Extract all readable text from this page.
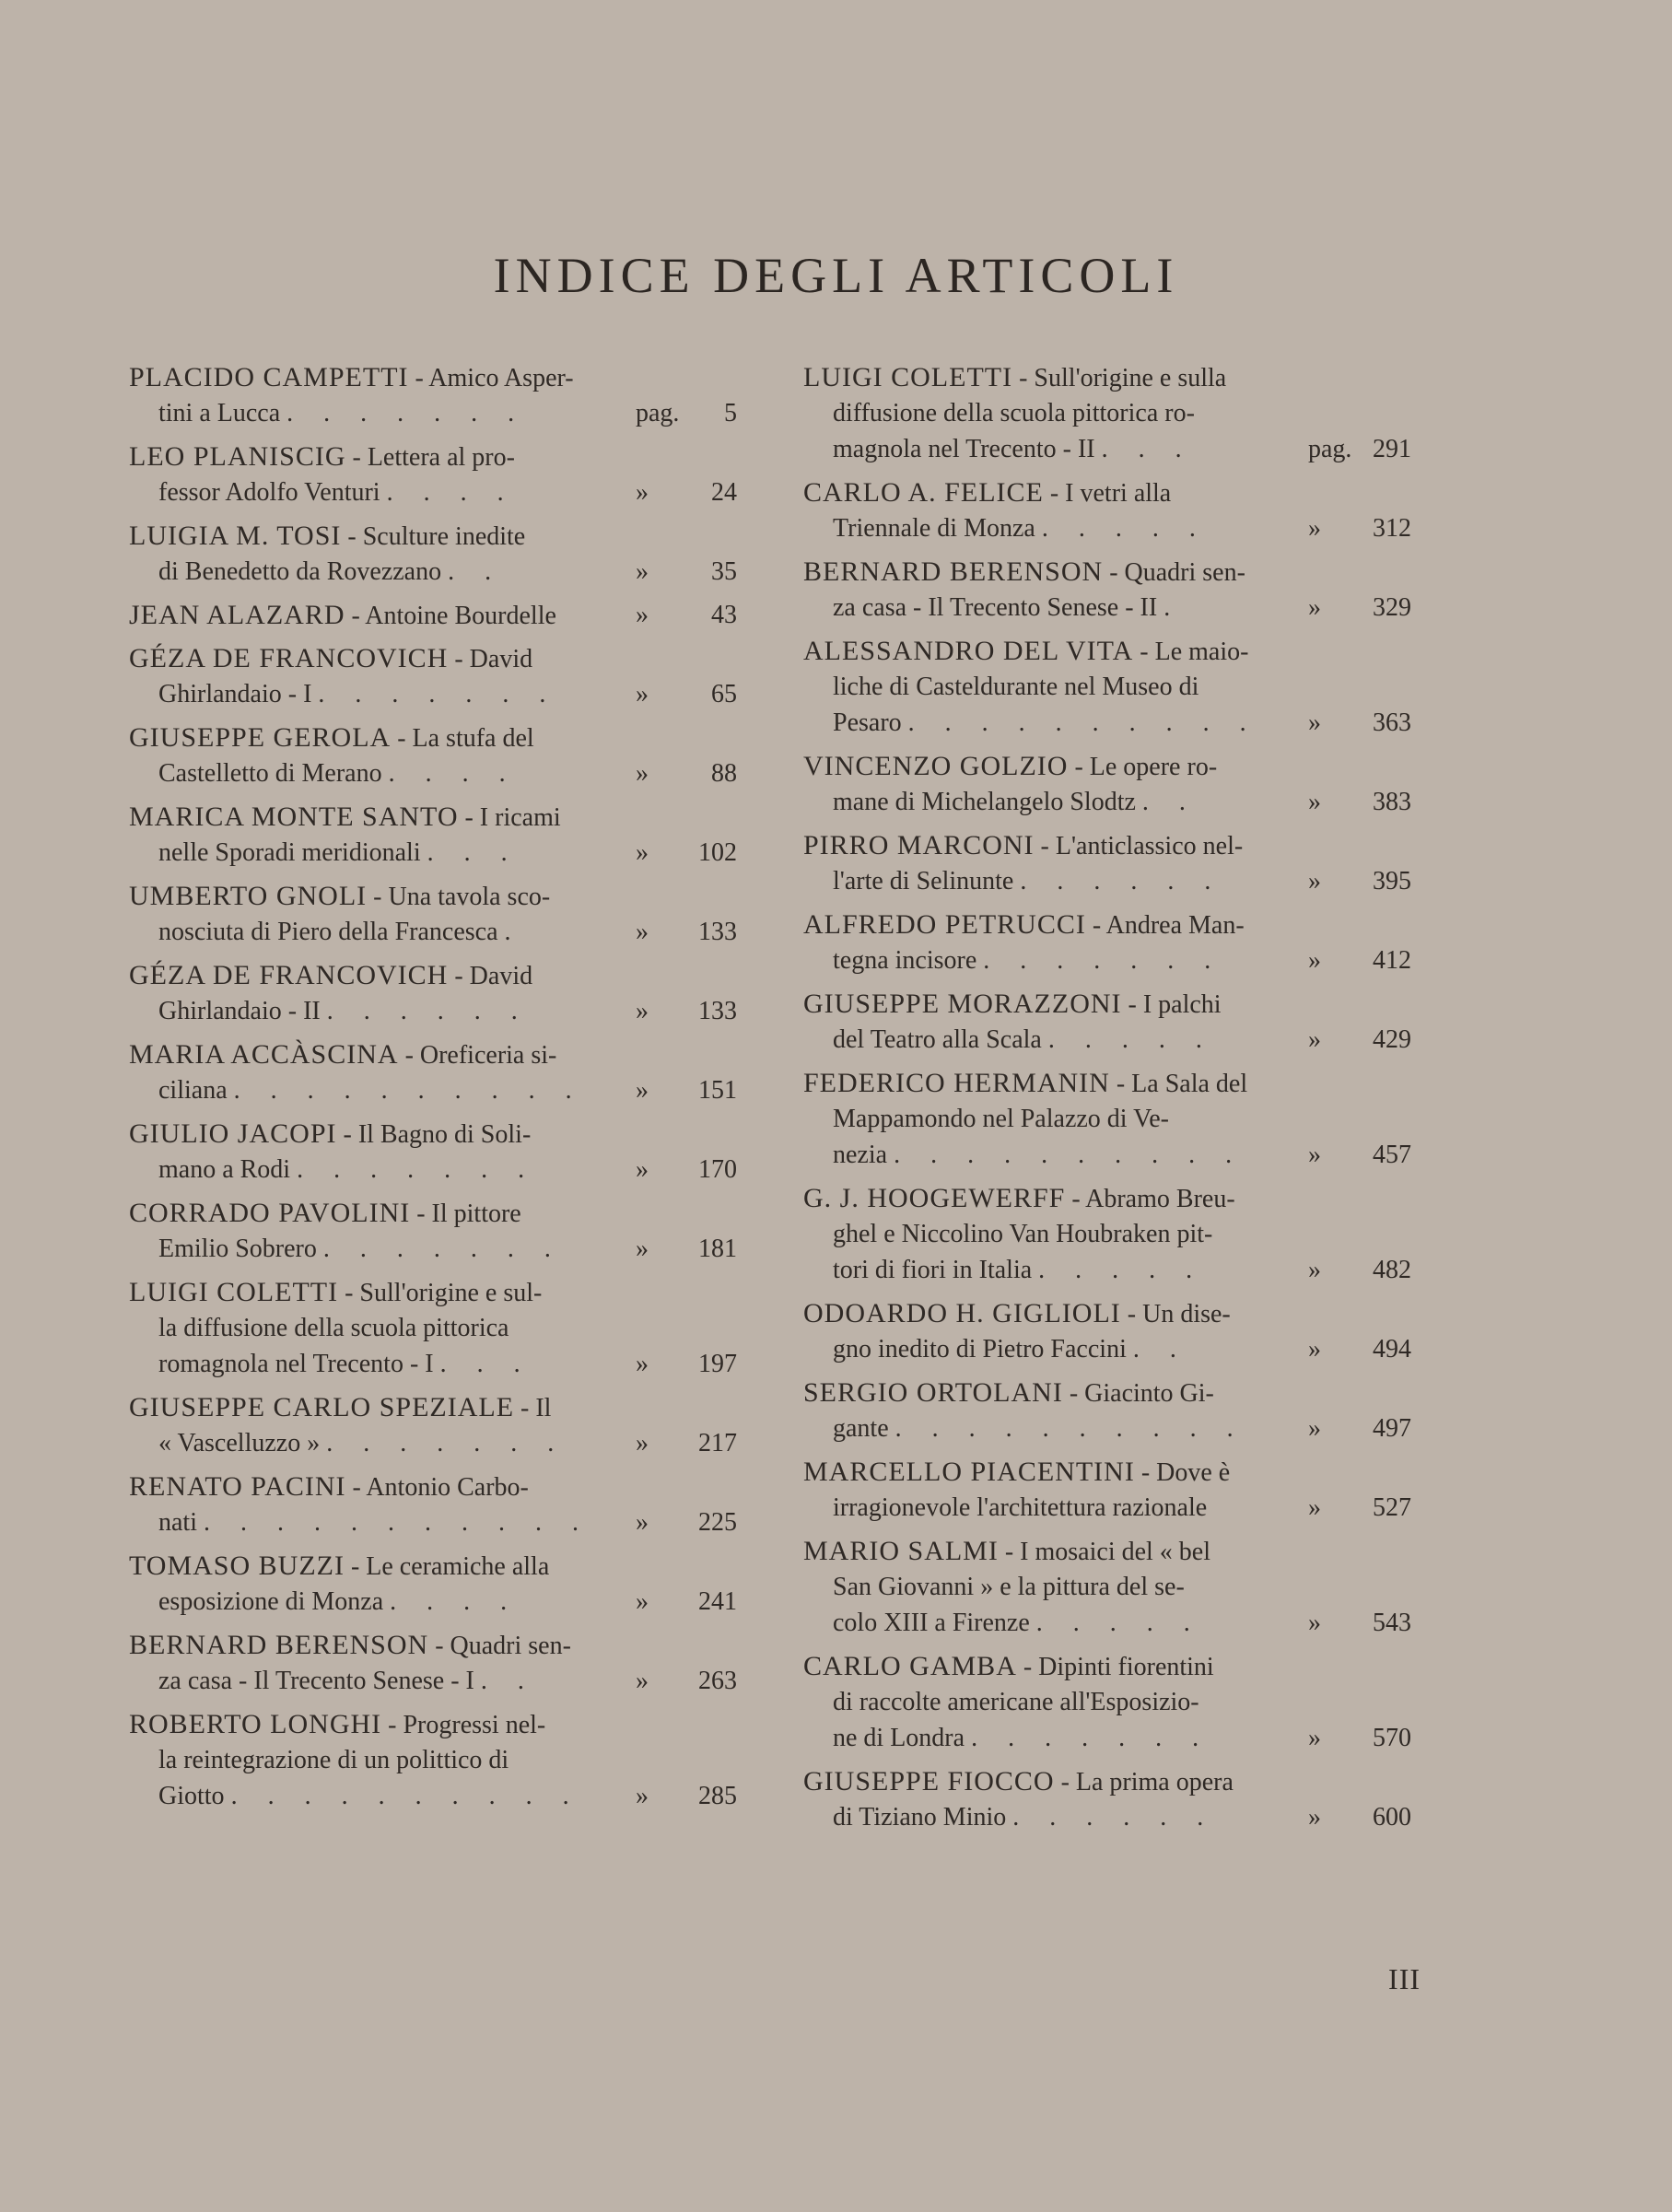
INDICE DEGLI ARTICOLI
PLACIDO CAMPETTI - Amico Asper-
tini a Lucca . . . . . . .	pag.	5
LEO PLANISCIG - Lettera al pro-
fessor Adolfo Venturi . . . .	»	24
LUIGIA M. TOSI - Sculture inedite
di Benedetto da Rovezzano . .	»	35
JEAN ALAZARD - Antoine Bourdelle	»	43
GÉZA DE FRANCOVICH - David
Ghirlandaio - I . . . . . . .	»	65
GIUSEPPE GEROLA - La stufa del
Castelletto di Merano . . . .	»	88
MARICA MONTE SANTO - I ricami
nelle Sporadi meridionali . . .	»	102
UMBERTO GNOLI - Una tavola sco-
nosciuta di Piero della Francesca .	»	133
GÉZA DE FRANCOVICH - David
Ghirlandaio - II . . . . . .	»	133
MARIA ACCÀSCINA - Oreficeria si-
ciliana . . . . . . . . . . »	151
GIULIO JACOPI - Il Bagno di Soli-
mano a Rodi . . . . . . .	»	170
CORRADO PAVOLINI - Il pittore
Emilio Sobrero . . . . . . .	»	181
LUIGI COLETTI - Sull'origine e sul-
la diffusione della scuola pittorica
romagnola nel Trecento - I . . .	»	197
GIUSEPPE CARLO SPEZIALE - Il
« Vascelluzzo » . . . . . . .	»	217
RENATO PACINI - Antonio Carbo-
nati . . . . . . . . . . . »	225
TOMASO BUZZI - Le ceramiche alla
esposizione di Monza . . . .	»	241
BERNARD BERENSON - Quadri sen-
za casa - Il Trecento Senese - I . .	»	263
ROBERTO LONGHI - Progressi nel-
la reintegrazione di un polittico di
Giotto . . . . . . . . . . »	285
LUIGI COLETTI - Sull'origine e sulla
diffusione della scuola pittorica ro-
magnola nel Trecento - II . . .	pag. 291
CARLO A. FELICE - I vetri alla
Triennale di Monza . . . . .	»	312
BERNARD BERENSON - Quadri sen-
za casa - Il Trecento Senese - II .	»	329
ALESSANDRO DEL VITA - Le maio-
liche di Casteldurante nel Museo di
Pesaro . . . . . . . . . . »	363
VINCENZO GOLZIO - Le opere ro-
mane di Michelangelo Slodtz . .	»	383
PIRRO MARCONI - L'anticlassico nel-
l'arte di Selinunte . . . . . .	»	395
ALFREDO PETRUCCI - Andrea Man-
tegna incisore . . . . . . .	»	412
GIUSEPPE MORAZZONI - I palchi
del Teatro alla Scala . . . . .	»	429
FEDERICO HERMANIN - La Sala del
Mappamondo nel Palazzo di Ve-
nezia . . . . . . . . . . »	457
G. J. HOOGEWERFF - Abramo Breu-
ghel e Niccolino Van Houbraken pit-
tori di fiori in Italia . . . . .	»	482
ODOARDO H. GIGLIOLI - Un dise-
gno inedito di Pietro Faccini . .	»	494
SERGIO ORTOLANI - Giacinto Gi-
gante . . . . . . . . . . »	497
MARCELLO PIACENTINI - Dove è
irragionevole l'architettura razionale	»	527
MARIO SALMI - I mosaici del « bel
San Giovanni » e la pittura del se-
colo XIII a Firenze . . . . .	»	543
CARLO GAMBA - Dipinti fiorentini
di raccolte americane all'Esposizio-
ne di Londra . . . . . . .	»	570
GIUSEPPE FIOCCO - La prima opera
di Tiziano Minio . . . . . .	»	600
III
